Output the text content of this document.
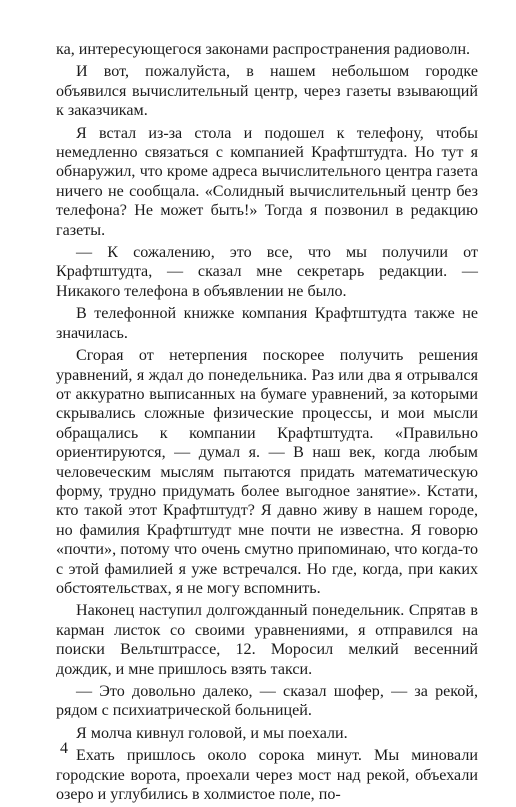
ка, интересующегося законами распространения радиоволн.

И вот, пожалуйста, в нашем небольшом городке объявился вычислительный центр, через газеты взывающий к заказчикам.

Я встал из-за стола и подошел к телефону, чтобы немедленно связаться с компанией Крафтштудта. Но тут я обнаружил, что кроме адреса вычислительного центра газета ничего не сообщала. «Солидный вычислительный центр без телефона? Не может быть!» Тогда я позвонил в редакцию газеты.

— К сожалению, это все, что мы получили от Крафтштудта, — сказал мне секретарь редакции. — Никакого телефона в объявлении не было.

В телефонной книжке компания Крафтштудта также не значилась.

Сгорая от нетерпения поскорее получить решения уравнений, я ждал до понедельника. Раз или два я отрывался от аккуратно выписанных на бумаге уравнений, за которыми скрывались сложные физические процессы, и мои мысли обращались к компании Крафтштудта. «Правильно ориентируются, — думал я. — В наш век, когда любым человеческим мыслям пытаются придать математическую форму, трудно придумать более выгодное занятие». Кстати, кто такой этот Крафтштудт? Я давно живу в нашем городе, но фамилия Крафтштудт мне почти не известна. Я говорю «почти», потому что очень смутно припоминаю, что когда-то с этой фамилией я уже встречался. Но где, когда, при каких обстоятельствах, я не могу вспомнить.

Наконец наступил долгожданный понедельник. Спрятав в карман листок со своими уравнениями, я отправился на поиски Вельтштрассе, 12. Моросил мелкий весенний дождик, и мне пришлось взять такси.

— Это довольно далеко, — сказал шофер, — за рекой, рядом с психиатрической больницей.

Я молча кивнул головой, и мы поехали.

Ехать пришлось около сорока минут. Мы миновали городские ворота, проехали через мост над рекой, объехали озеро и углубились в холмистое поле, по-

4
